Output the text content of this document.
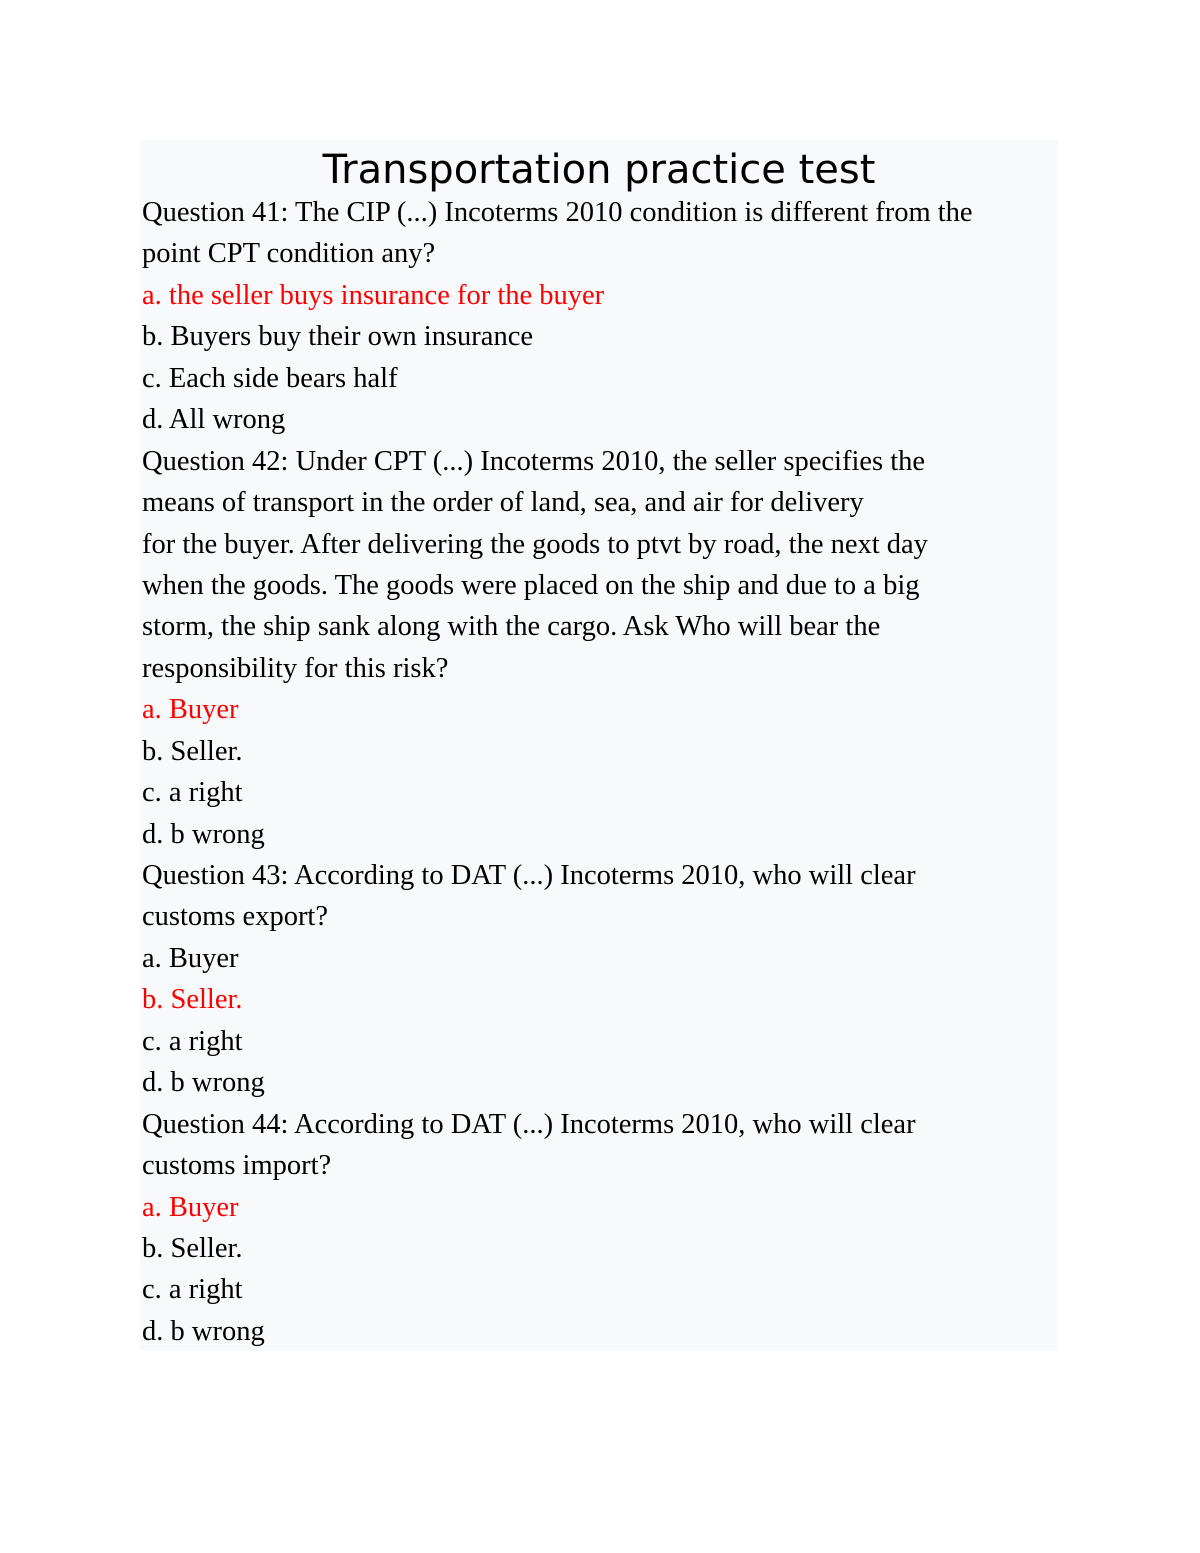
Transportation practice test
Question 41: The CIP (...) Incoterms 2010 condition is different from the
point CPT condition any?
a. the seller buys insurance for the buyer
b. Buyers buy their own insurance
c. Each side bears half
d. All wrong
Question 42: Under CPT (...) Incoterms 2010, the seller specifies the
means of transport in the order of land, sea, and air for delivery
for the buyer. After delivering the goods to ptvt by road, the next day
when the goods. The goods were placed on the ship and due to a big
storm, the ship sank along with the cargo. Ask Who will bear the
responsibility for this risk?
a. Buyer
b. Seller.
c. a right
d. b wrong
Question 43: According to DAT (...) Incoterms 2010, who will clear
customs export?
a. Buyer
b. Seller.
c. a right
d. b wrong
Question 44: According to DAT (...) Incoterms 2010, who will clear
customs import?
a. Buyer
b. Seller.
c. a right
d. b wrong
